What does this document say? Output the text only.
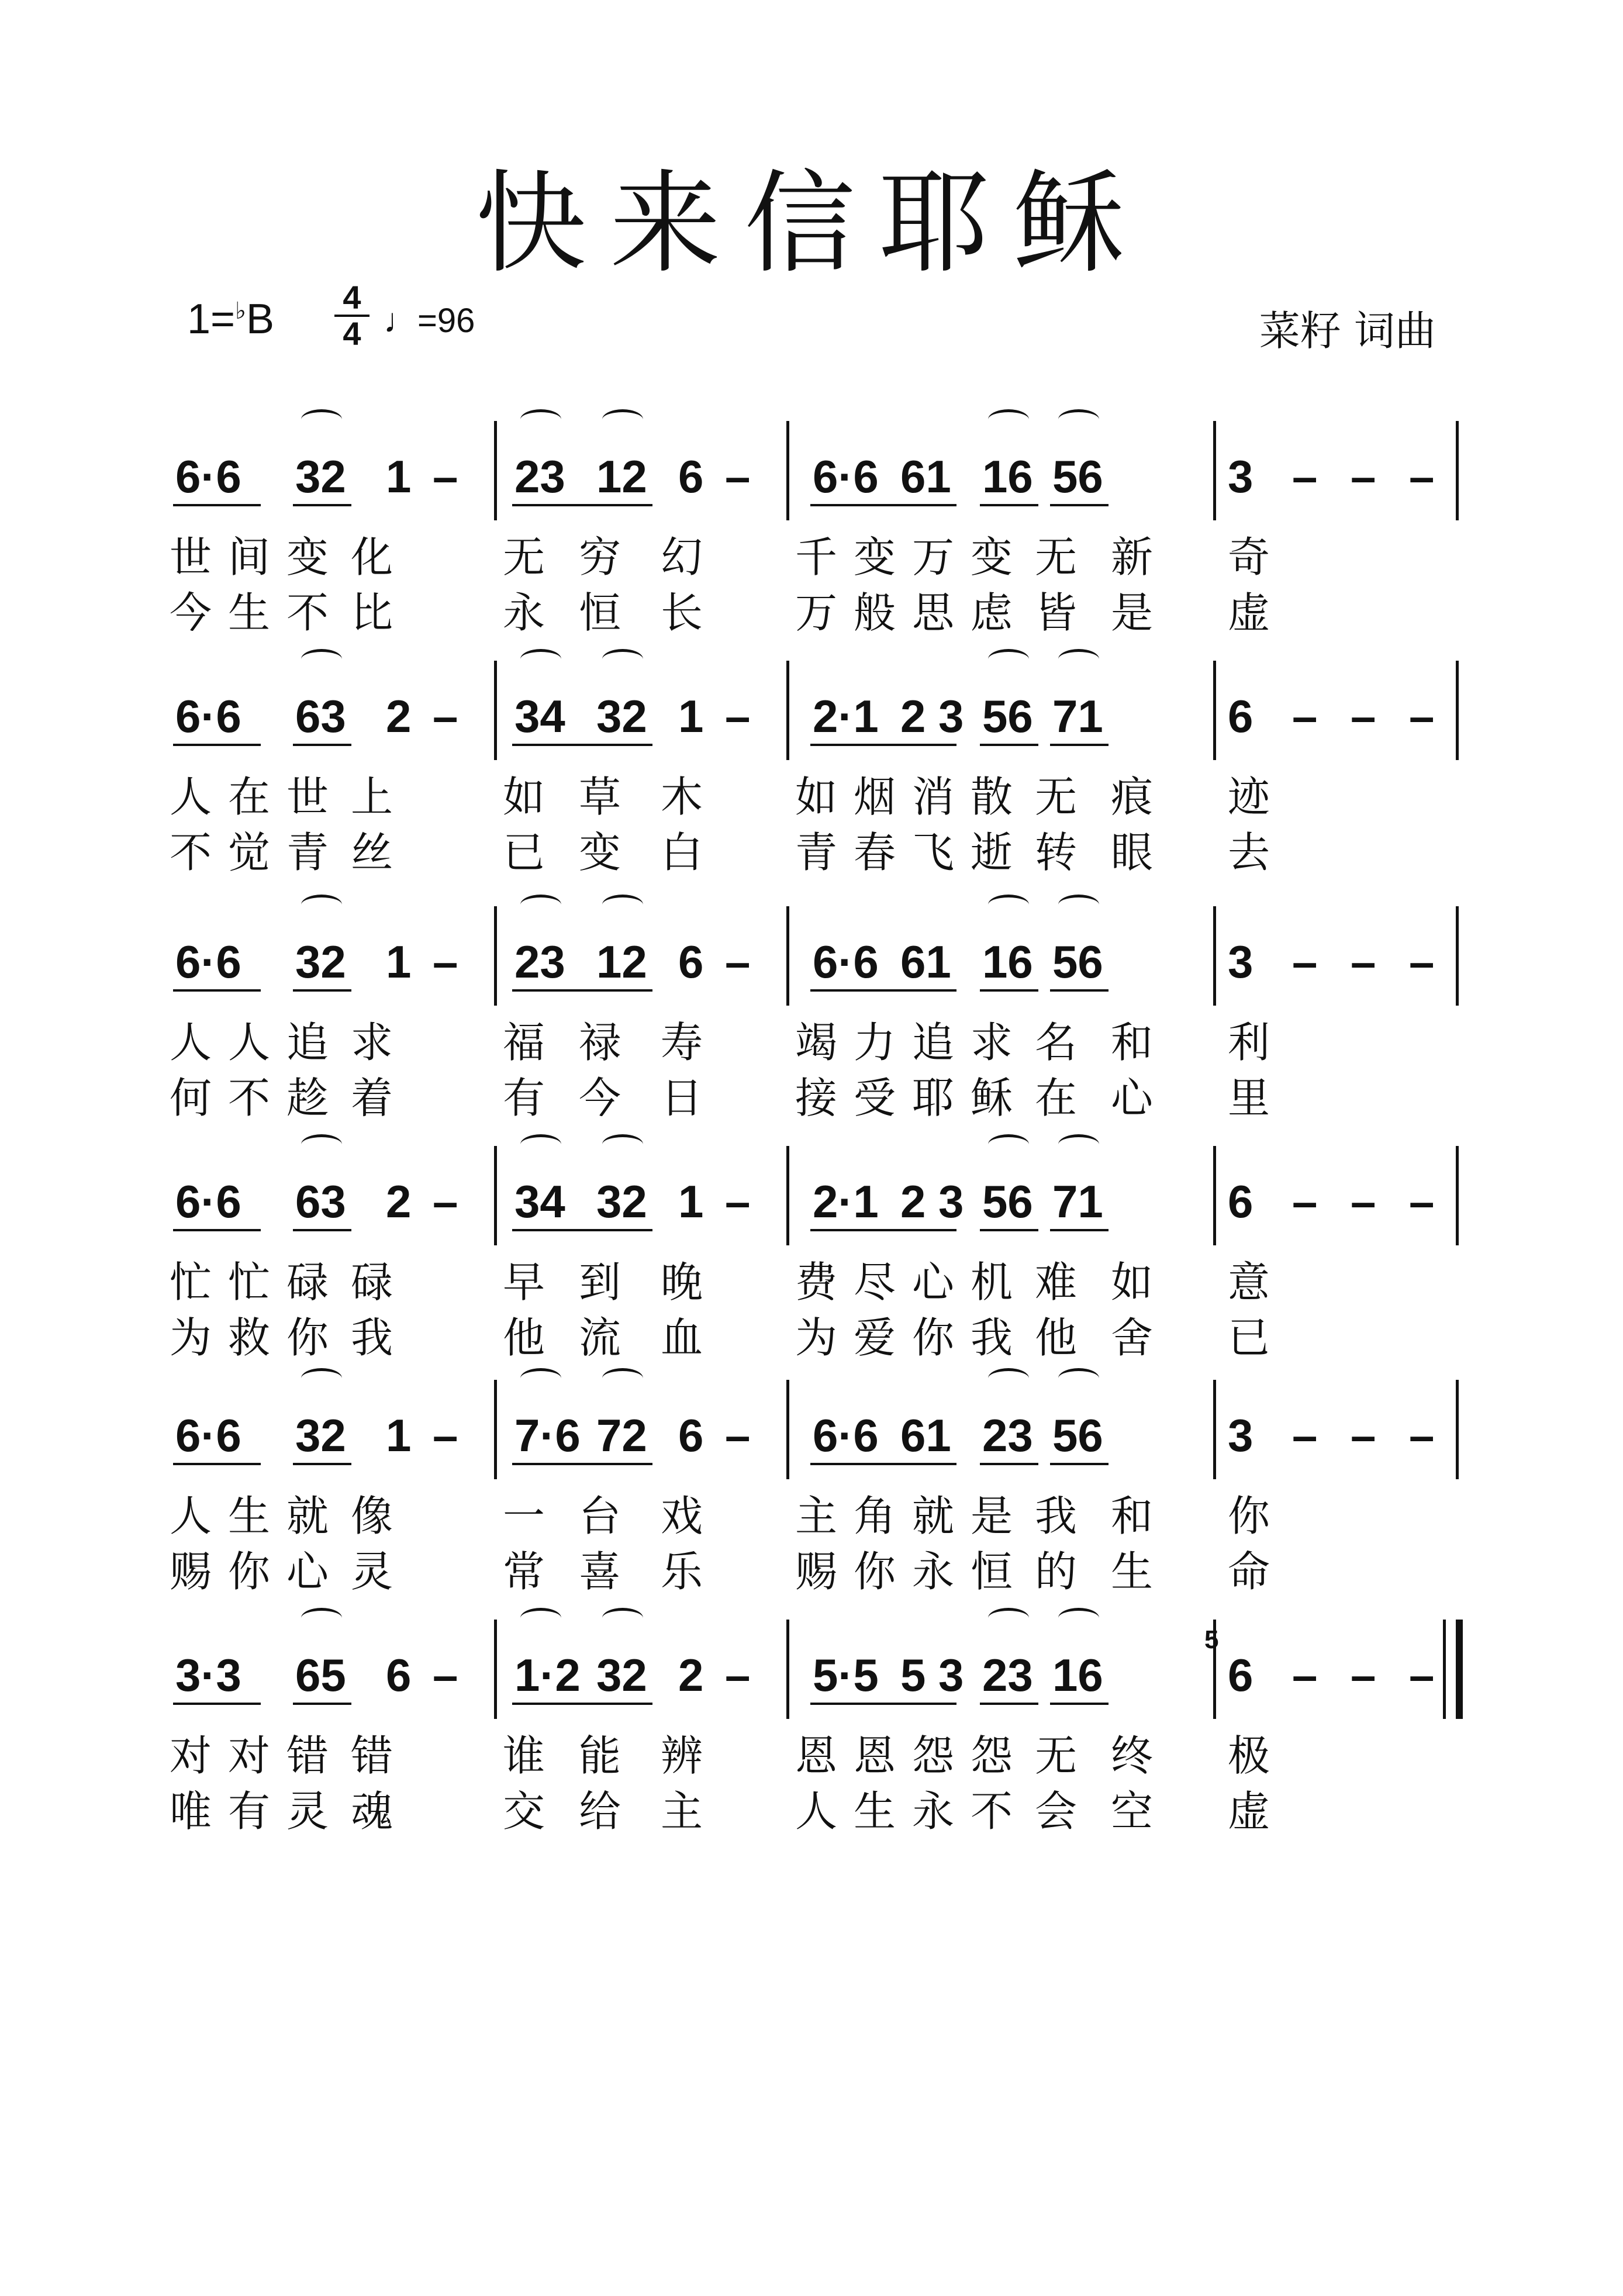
快来信耶稣
1=♭B 4
4 ♩=96	菜籽 词曲
6·6 32 1 – 23 12 6 – 6·6 61 16 56	3 – – –
世 间 变 化	无 穷 幻 千 变 万 变 无 新 奇
今 生 不 比	永 恒 长 万 般 思 虑 皆 是 虚
6·6 63 2 – 34 32 1 – 2·1 2 3 56 71	6 – – –
人 在 世 上	如 草 木 如 烟 消 散 无 痕 迹
不 觉 青 丝	已 变 白 青 春 飞 逝 转 眼 去
6·6 32 1 – 23 12 6 – 6·6 61 16 56	3 – – –
人 人 追 求	福 禄 寿 竭 力 追 求 名 和 利
何 不 趁 着	有 今 日 接 受 耶 稣 在 心 里
6·6 63 2 – 34 32 1 – 2·1 2 3 56 71	6 – – –
忙 忙 碌 碌	早 到 晚 费 尽 心 机 难 如 意
为 救 你 我	他 流 血 为 爱 你 我 他 舍 已
6·6 32 1 – 7·6 72 6 – 6·6 61 23 56	3 – – –
人 生 就 像	一 台 戏 主 角 就 是 我 和 你
赐 你 心 灵	常 喜 乐 赐 你 永 恒 的 生 命
3·3 65 6 – 1·2 32 2 – 5·5 5 3 23 16	6 – – –
5
对 对 错 错	谁 能 辨 恩 恩 怨 怨 无 终 极
唯 有 灵 魂	交 给 主 人 生 永 不 会 空 虚
